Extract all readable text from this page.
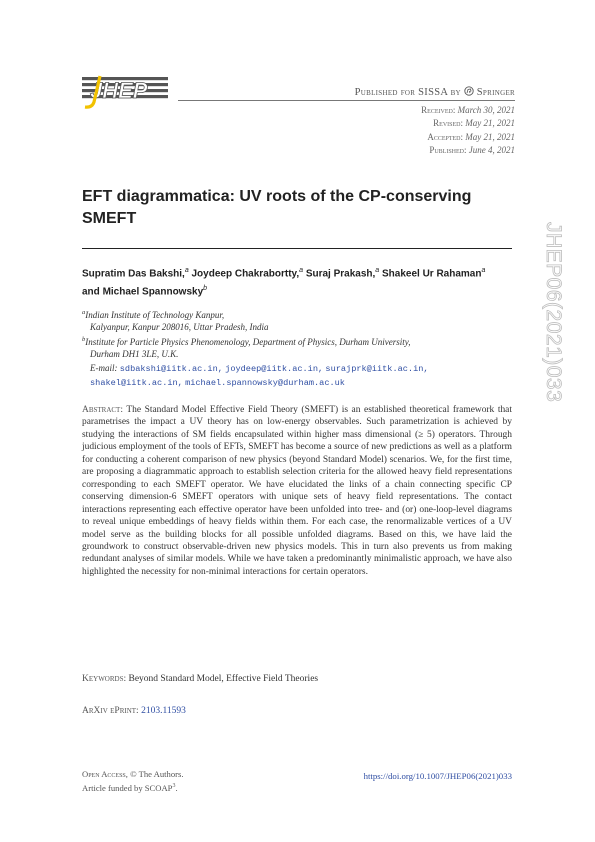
JHEP	Published for SISSA by Springer
Received: March 30, 2021
Revised: May 21, 2021
Accepted: May 21, 2021
Published: June 4, 2021
EFT diagrammatica: UV roots of the CP-conserving
SMEFT
Supratim Das Bakshi,$^a$ Joydeep Chakrabortty,$^a$ Suraj Prakash,$^a$ Shakeel Ur Rahaman$^a$
and Michael Spannowsky$^b$
$^a$Indian Institute of Technology Kanpur,
Kalyanpur, Kanpur 208016, Uttar Pradesh, India
$^b$Institute for Particle Physics Phenomenology, Department of Physics, Durham University,
Durham DH1 3LE, U.K.
E-mail: sdbakshi@iitk.ac.in, joydeep@iitk.ac.in, surajprk@iitk.ac.in,
shakel@iitk.ac.in, michael.spannowsky@durham.ac.uk
Abstract: The Standard Model Effective Field Theory (SMEFT) is an established theoretical framework that parametrises the impact a UV theory has on low-energy observables. Such parametrization is achieved by studying the interactions of SM fields encapsulated within higher mass dimensional (≥ 5) operators. Through judicious employment of the tools of EFTs, SMEFT has become a source of new predictions as well as a platform for conducting a coherent comparison of new physics (beyond Standard Model) scenarios. We, for the first time, are proposing a diagrammatic approach to establish selection criteria for the allowed heavy field representations corresponding to each SMEFT operator. We have elucidated the links of a chain connecting specific CP conserving dimension-6 SMEFT operators with unique sets of heavy field representations. The contact interactions representing each effective operator have been unfolded into tree- and (or) one-loop-level diagrams to reveal unique embeddings of heavy fields within them. For each case, the renormalizable vertices of a UV model serve as the building blocks for all possible unfolded diagrams. Based on this, we have laid the groundwork to construct observable-driven new physics models. This in turn also prevents us from making redundant analyses of similar models. While we have taken a predominantly minimalistic approach, we have also highlighted the necessity for non-minimal interactions for certain operators.
Keywords: Beyond Standard Model, Effective Field Theories
ArXiv ePrint: 2103.11593
Open Access, © The Authors.
Article funded by SCOAP$^3$.
https://doi.org/10.1007/JHEP06(2021)033
JHEP06(2021)033
